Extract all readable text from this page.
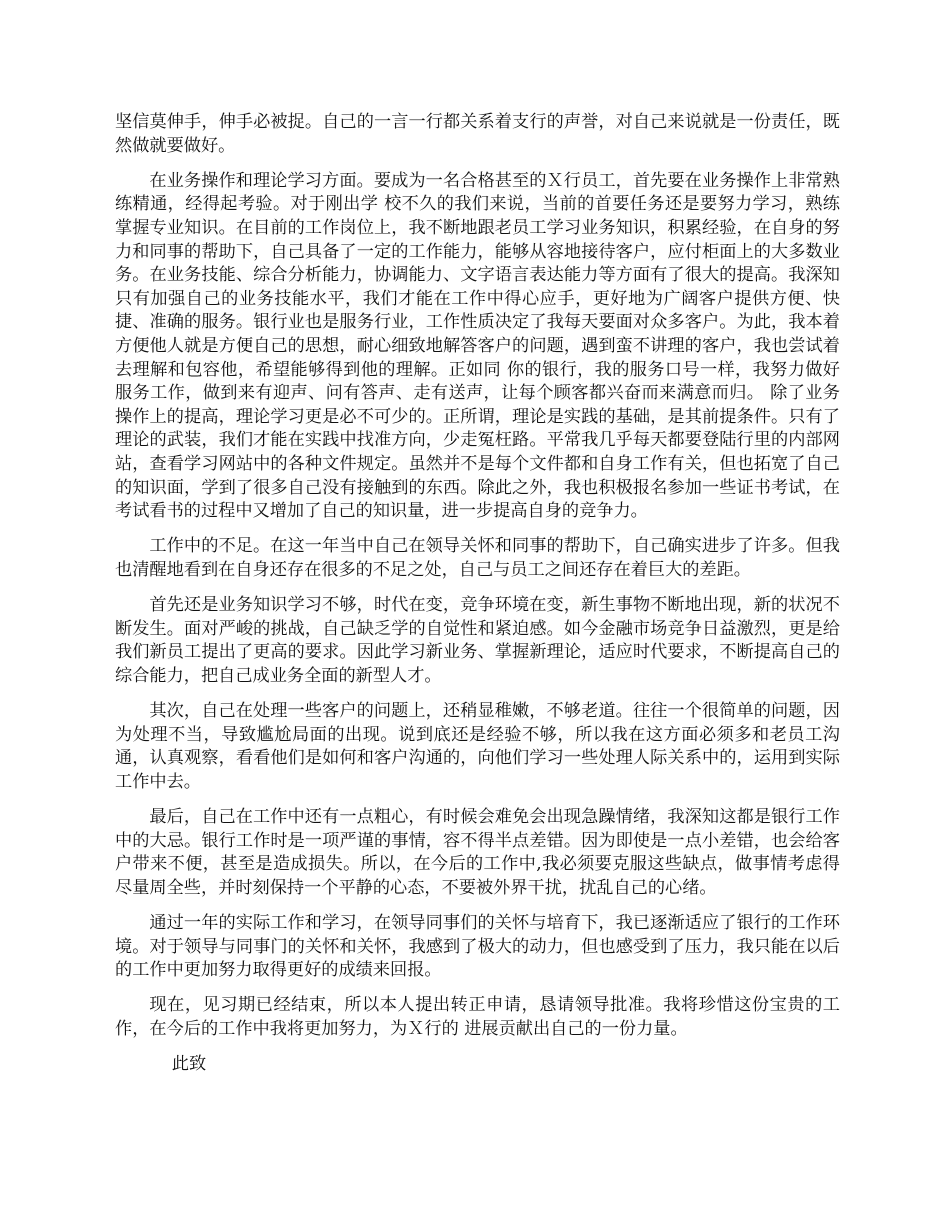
坚信莫伸手，伸手必被捉。自己的一言一行都关系着支行的声誉，对自己来说就是一份责任，既然做就要做好。

在业务操作和理论学习方面。要成为一名合格甚至的Ｘ行员工，首先要在业务操作上非常熟练精通，经得起考验。对于刚出学 校不久的我们来说，当前的首要任务还是要努力学习，熟练掌握专业知识。在目前的工作岗位上，我不断地跟老员工学习业务知识，积累经验，在自身的努力和同事的帮助下，自己具备了一定的工作能力，能够从容地接待客户，应付柜面上的大多数业务。在业务技能、综合分析能力，协调能力、文字语言表达能力等方面有了很大的提高。我深知只有加强自己的业务技能水平，我们才能在工作中得心应手，更好地为广阔客户提供方便、快捷、准确的服务。银行业也是服务行业，工作性质决定了我每天要面对众多客户。为此，我本着方便他人就是方便自己的思想，耐心细致地解答客户的问题，遇到蛮不讲理的客户，我也尝试着去理解和包容他，希望能够得到他的理解。正如同 你的银行，我的服务口号一样，我努力做好服务工作，做到来有迎声、问有答声、走有送声，让每个顾客都兴奋而来满意而归。 除了业务操作上的提高，理论学习更是必不可少的。正所谓，理论是实践的基础，是其前提条件。只有了理论的武装，我们才能在实践中找准方向，少走冤枉路。平常我几乎每天都要登陆行里的内部网站，查看学习网站中的各种文件规定。虽然并不是每个文件都和自身工作有关，但也拓宽了自己的知识面，学到了很多自己没有接触到的东西。除此之外，我也积极报名参加一些证书考试，在考试看书的过程中又增加了自己的知识量，进一步提高自身的竞争力。

工作中的不足。在这一年当中自己在领导关怀和同事的帮助下，自己确实进步了许多。但我也清醒地看到在自身还存在很多的不足之处，自己与员工之间还存在着巨大的差距。

首先还是业务知识学习不够，时代在变，竞争环境在变，新生事物不断地出现，新的状况不断发生。面对严峻的挑战，自己缺乏学的自觉性和紧迫感。如今金融市场竞争日益激烈，更是给我们新员工提出了更高的要求。因此学习新业务、掌握新理论，适应时代要求，不断提高自己的综合能力，把自己成业务全面的新型人才。

其次，自己在处理一些客户的问题上，还稍显稚嫩，不够老道。往往一个很简单的问题，因为处理不当，导致尴尬局面的出现。说到底还是经验不够，所以我在这方面必须多和老员工沟通，认真观察，看看他们是如何和客户沟通的，向他们学习一些处理人际关系中的，运用到实际工作中去。

最后，自己在工作中还有一点粗心，有时候会难免会出现急躁情绪，我深知这都是银行工作中的大忌。银行工作时是一项严谨的事情，容不得半点差错。因为即使是一点小差错，也会给客户带来不便，甚至是造成损失。所以，在今后的工作中,我必须要克服这些缺点，做事情考虑得尽量周全些，并时刻保持一个平静的心态，不要被外界干扰，扰乱自己的心绪。

通过一年的实际工作和学习，在领导同事们的关怀与培育下，我已逐渐适应了银行的工作环境。对于领导与同事门的关怀和关怀，我感到了极大的动力，但也感受到了压力，我只能在以后的工作中更加努力取得更好的成绩来回报。

现在，见习期已经结束，所以本人提出转正申请，恳请领导批准。我将珍惜这份宝贵的工作，在今后的工作中我将更加努力，为Ｘ行的 进展贡献出自己的一份力量。

此致
